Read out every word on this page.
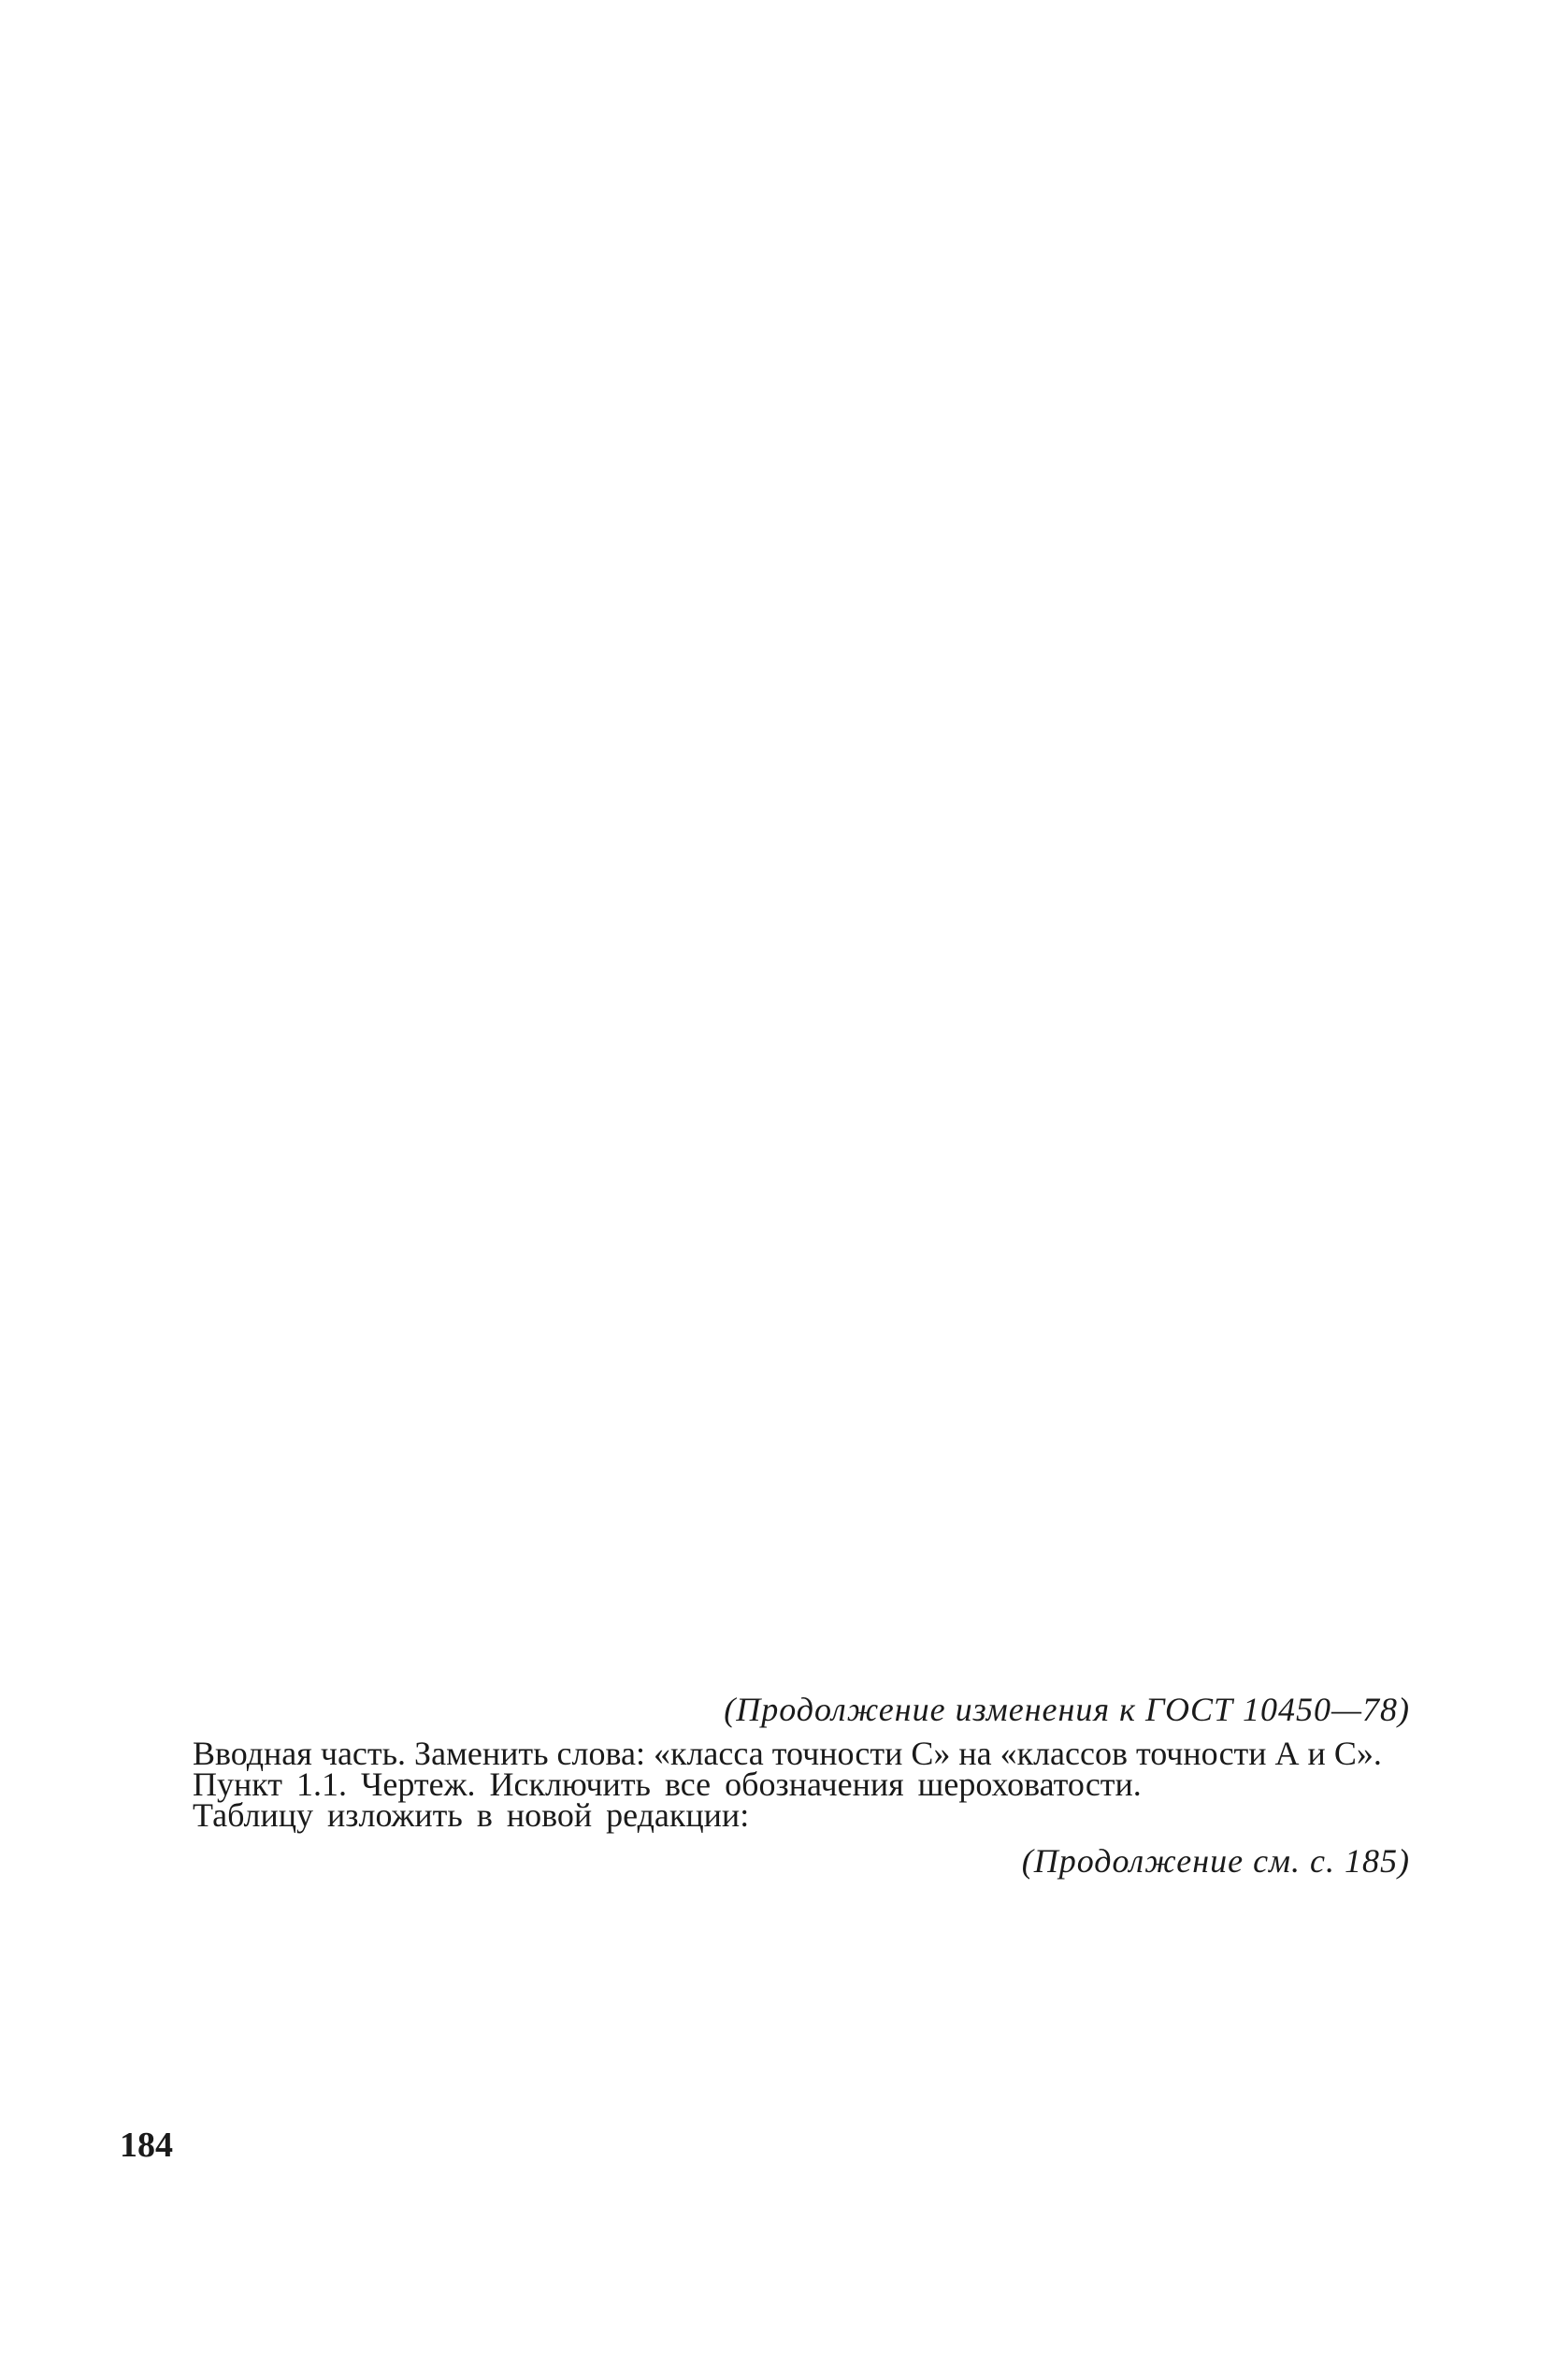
(Продолжение изменения к ГОСТ 10450—78)
Вводная часть. Заменить слова: «класса точности С» на «классов точности А и С».
Пункт 1.1. Чертеж. Исключить все обозначения шероховатости.
Таблицу изложить в новой редакции:
(Продолжение см. с. 185)
184
